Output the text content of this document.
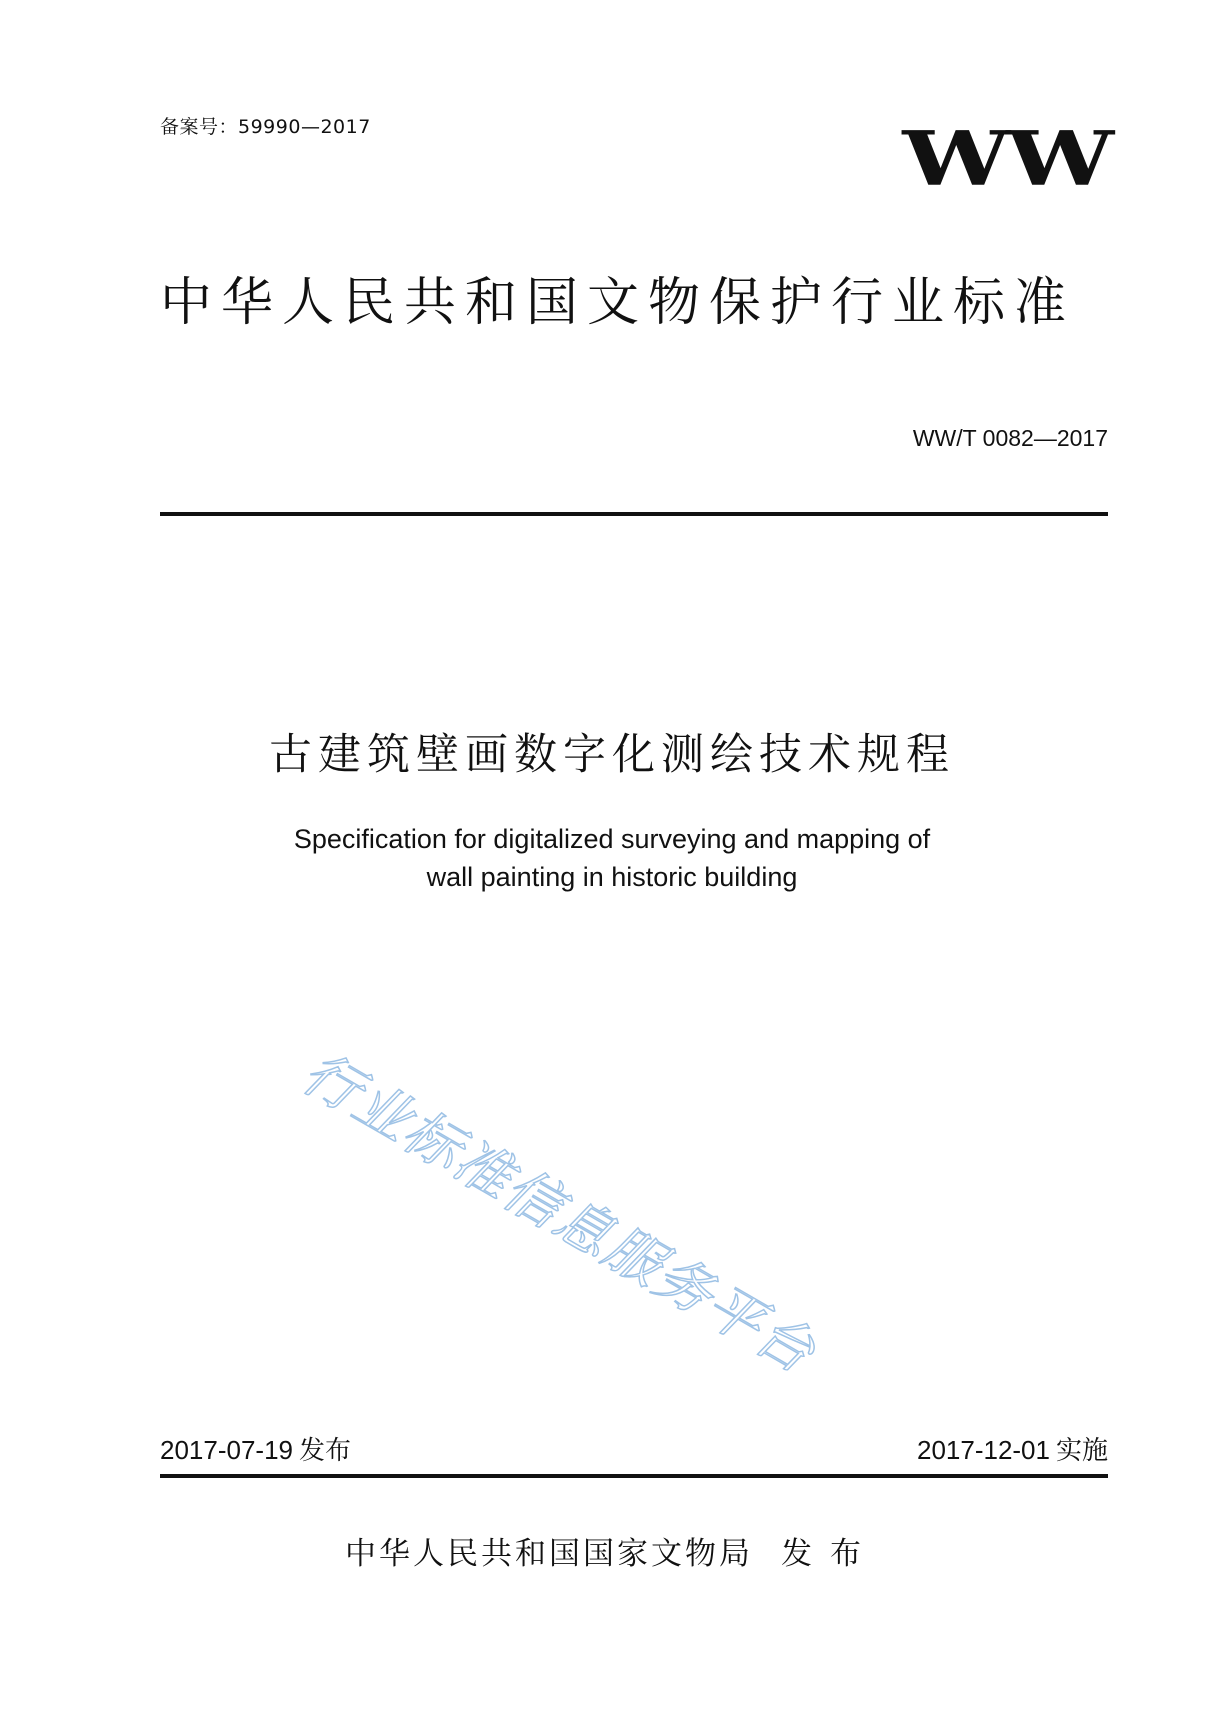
备案号：59990—2017	WW
中华人民共和国文物保护行业标准
WW/T 0082—2017
古建筑壁画数字化测绘技术规程
Specification for digitalized surveying and mapping of
wall painting in historic building
行业标准信息服务平台
2017-07-19 发布	2017-12-01 实施
中华人民共和国国家文物局 发布
